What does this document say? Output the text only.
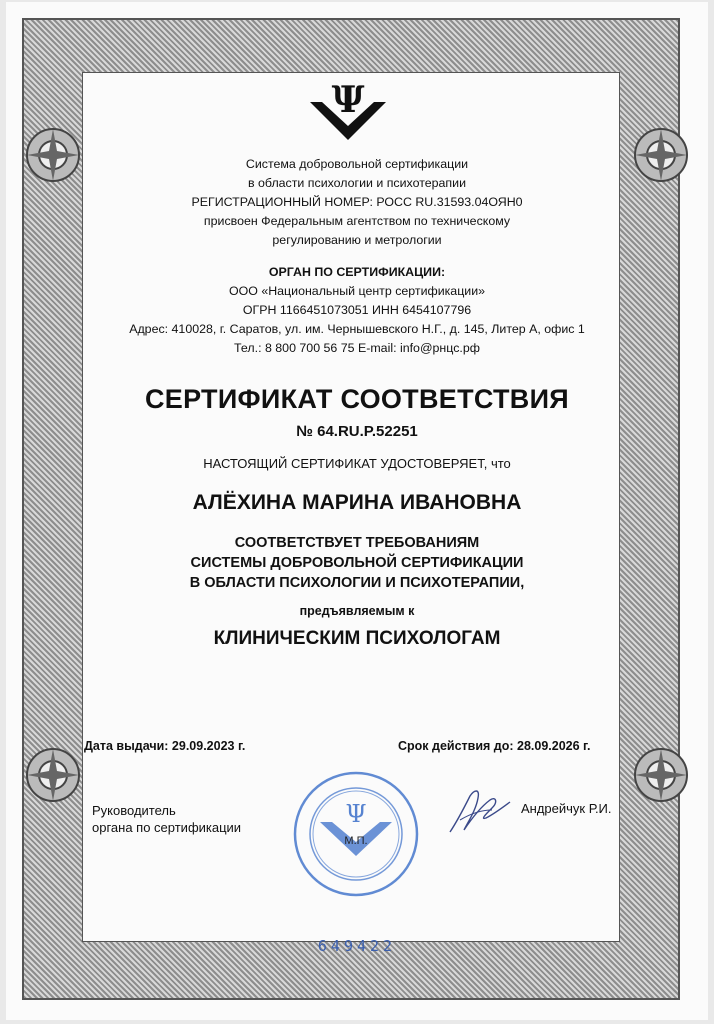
Ψ
Система добровольной сертификации
в области психологии и психотерапии
РЕГИСТРАЦИОННЫЙ НОМЕР: РОСС RU.31593.04ОЯН0
присвоен Федеральным агентством по техническому
регулированию и метрологии
ОРГАН ПО СЕРТИФИКАЦИИ:
ООО «Национальный центр сертификации»
ОГРН 1166451073051 ИНН 6454107796
Адрес: 410028, г. Саратов, ул. им. Чернышевского Н.Г., д. 145, Литер А, офис 1
Тел.: 8 800 700 56 75 E-mail: info@рнцс.рф
СЕРТИФИКАТ СООТВЕТСТВИЯ
№ 64.RU.P.52251
НАСТОЯЩИЙ СЕРТИФИКАТ УДОСТОВЕРЯЕТ, что
АЛЁХИНА МАРИНА ИВАНОВНА
СООТВЕТСТВУЕТ ТРЕБОВАНИЯМ
СИСТЕМЫ ДОБРОВОЛЬНОЙ СЕРТИФИКАЦИИ
В ОБЛАСТИ ПСИХОЛОГИИ И ПСИХОТЕРАПИИ,
предъявляемым к
КЛИНИЧЕСКИМ ПСИХОЛОГАМ
Дата выдачи: 29.09.2023 г.	Срок действия до: 28.09.2026 г.
Руководитель
органа по сертификации	Ψ
М.П.
Андрейчук Р.И.
649422
